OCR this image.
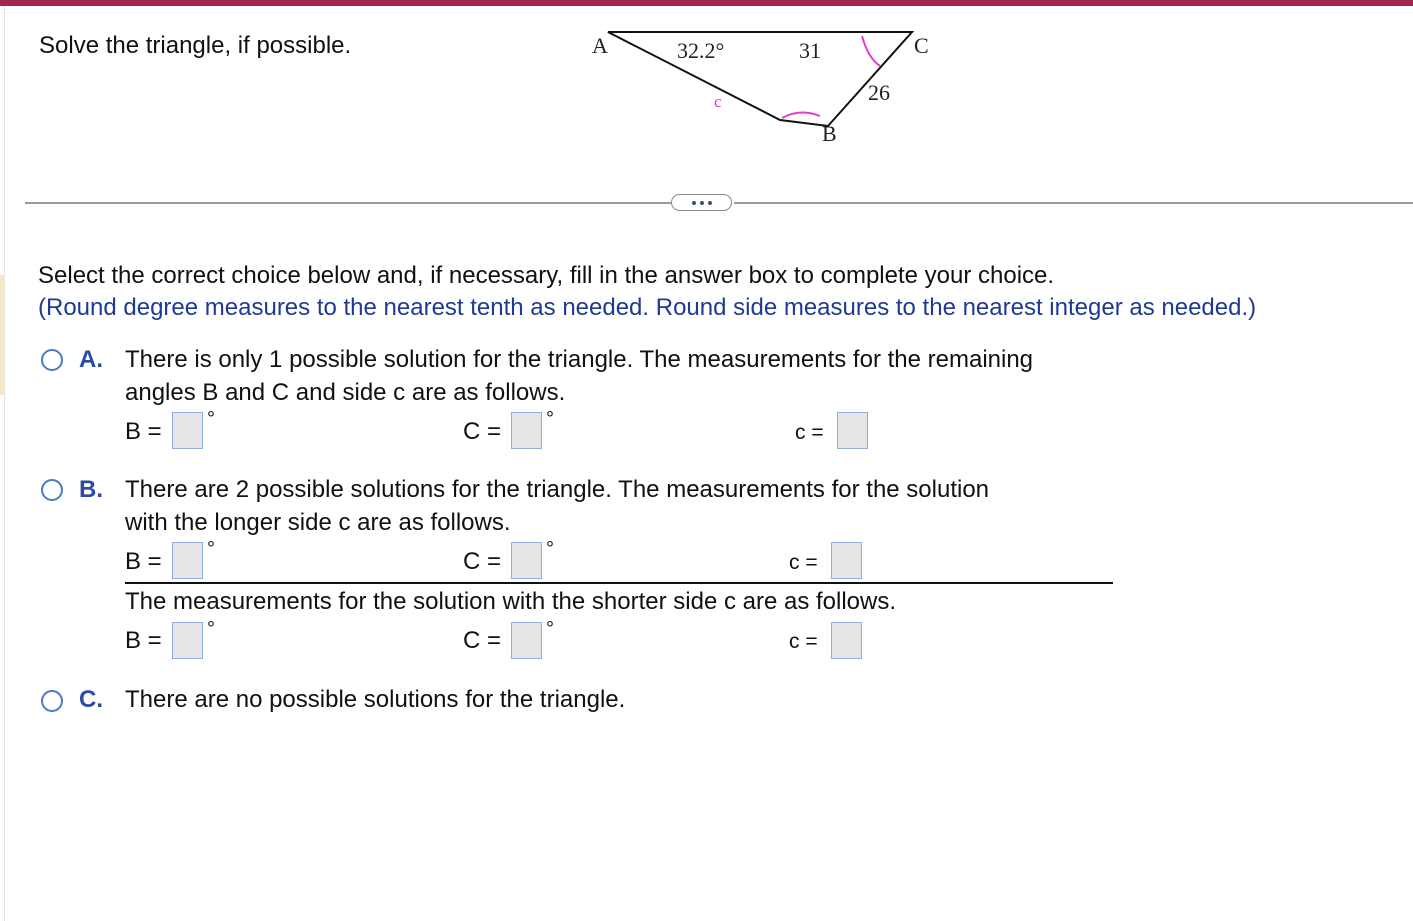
Solve the triangle, if possible.	A	32.2°	31	C
26
c
B
Select the correct choice below and, if necessary, fill in the answer box to complete your choice.
(Round degree measures to the nearest tenth as needed. Round side measures to the nearest integer as needed.)
A. There is only 1 possible solution for the triangle. The measurements for the remaining
angles B and C and side c are as follows.
B = °	C = °
c =
B. There are 2 possible solutions for the triangle. The measurements for the solution
with the longer side c are as follows.
B = °	C = °
c =
The measurements for the solution with the shorter side c are as follows.
B = °	C = °
c =
C. There are no possible solutions for the triangle.
